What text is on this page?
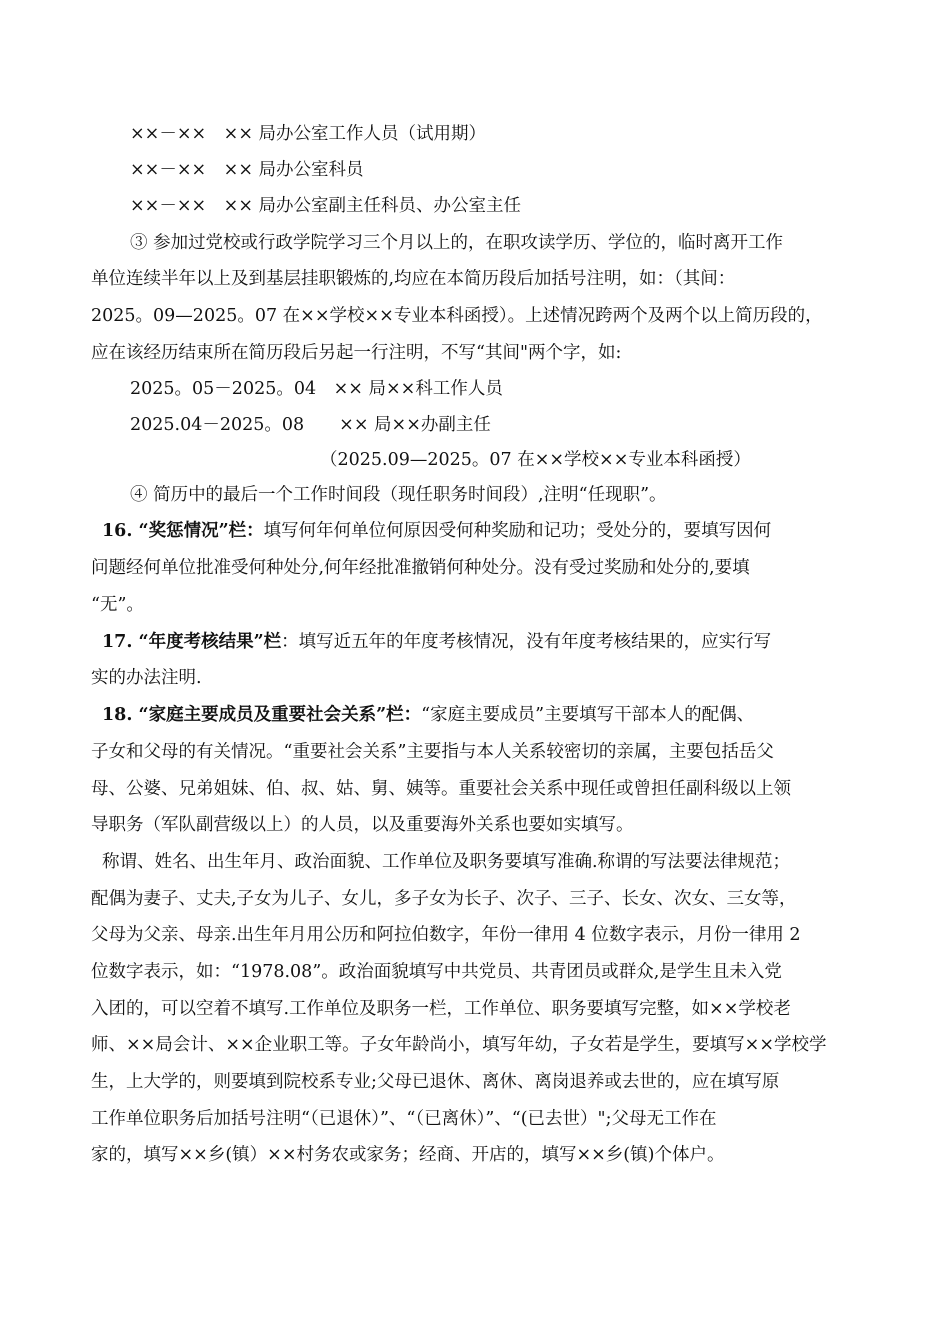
××－××　×× 局办公室工作人员（试用期）
××－××　×× 局办公室科员
××－××　×× 局办公室副主任科员、办公室主任
③ 参加过党校或行政学院学习三个月以上的，在职攻读学历、学位的，临时离开工作
单位连续半年以上及到基层挂职锻炼的,均应在本简历段后加括号注明，如：（其间：
2025。09—2025。07 在××学校××专业本科函授）。上述情况跨两个及两个以上简历段的，
应在该经历结束所在简历段后另起一行注明，不写“其间"两个字，如:
2025。05－2025。04　×× 局××科工作人员
2025.04－2025。08　　×× 局××办副主任
（2025.09—2025。07 在××学校××专业本科函授）
④ 简历中的最后一个工作时间段（现任职务时间段）,注明“任现职”。
16. “奖惩情况”栏：填写何年何单位何原因受何种奖励和记功；受处分的，要填写因何
问题经何单位批准受何种处分,何年经批准撤销何种处分。没有受过奖励和处分的,要填
“无”。
17. “年度考核结果”栏：填写近五年的年度考核情况，没有年度考核结果的，应实行写
实的办法注明.
18. “家庭主要成员及重要社会关系”栏：“家庭主要成员”主要填写干部本人的配偶、
子女和父母的有关情况。“重要社会关系”主要指与本人关系较密切的亲属，主要包括岳父
母、公婆、兄弟姐妹、伯、叔、姑、舅、姨等。重要社会关系中现任或曾担任副科级以上领
导职务（军队副营级以上）的人员，以及重要海外关系也要如实填写。
称谓、姓名、出生年月、政治面貌、工作单位及职务要填写准确.称谓的写法要法律规范；
配偶为妻子、丈夫,子女为儿子、女儿，多子女为长子、次子、三子、长女、次女、三女等，
父母为父亲、母亲.出生年月用公历和阿拉伯数字，年份一律用 4 位数字表示，月份一律用 2
位数字表示，如：“1978.08”。政治面貌填写中共党员、共青团员或群众,是学生且未入党
入团的，可以空着不填写.工作单位及职务一栏，工作单位、职务要填写完整，如××学校老
师、××局会计、××企业职工等。子女年龄尚小，填写年幼，子女若是学生，要填写××学校学
生，上大学的，则要填到院校系专业;父母已退休、离休、离岗退养或去世的，应在填写原
工作单位职务后加括号注明“（已退休）”、“（已离休）”、“(已去世）";父母无工作在
家的，填写××乡(镇）××村务农或家务；经商、开店的，填写××乡(镇)个体户。
